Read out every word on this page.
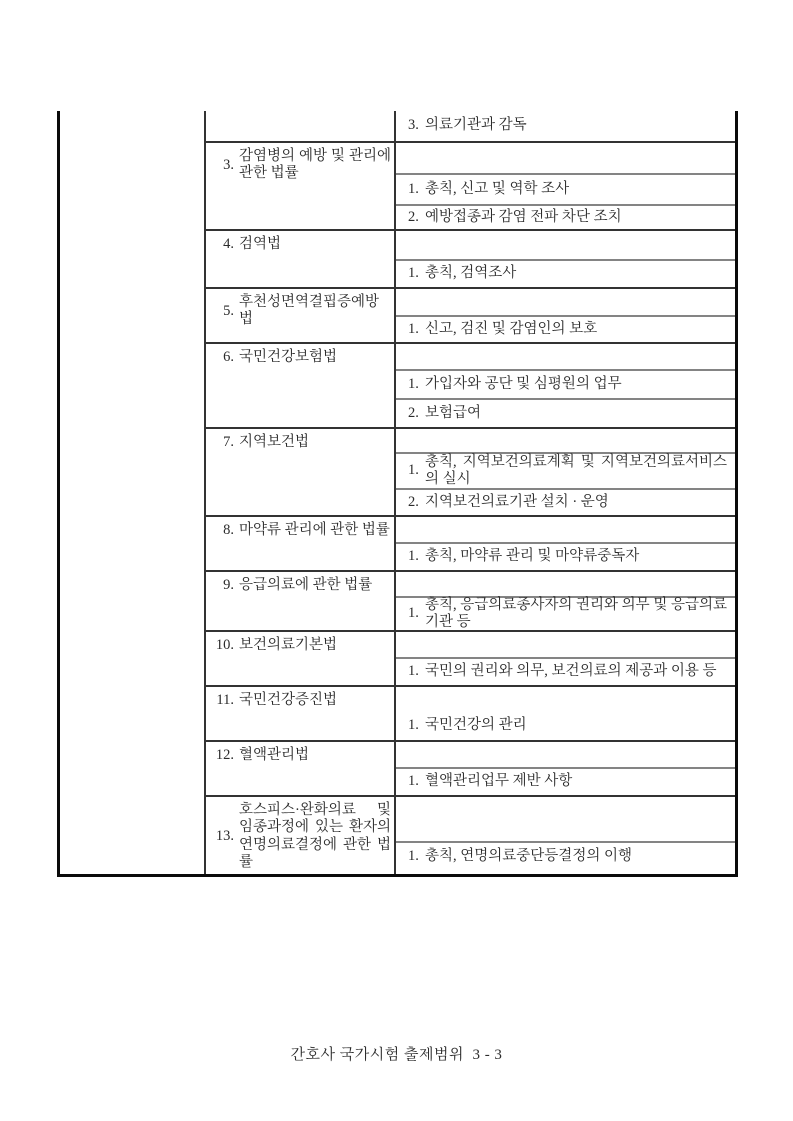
3. 의료기관과 감독
3.
감염병의 예방 및 관리에 관한 법률
1. 총칙, 신고 및 역학 조사
2. 예방접종과 감염 전파 차단 조치
4. 검역법
1. 총칙, 검역조사
5.
후천성면역결핍증예방법
1. 신고, 검진 및 감염인의 보호
6. 국민건강보험법
1. 가입자와 공단 및 심평원의 업무
2. 보험급여
7. 지역보건법
1.
총칙, 지역보건의료계획 및 지역보건의료서비스의 실시
2. 지역보건의료기관 설치 · 운영
8. 마약류 관리에 관한 법률
1. 총칙, 마약류 관리 및 마약류중독자
9. 응급의료에 관한 법률
1.
총칙, 응급의료종사자의 권리와 의무 및 응급의료기관 등
10. 보건의료기본법
1. 국민의 권리와 의무, 보건의료의 제공과 이용 등
11. 국민건강증진법
1. 국민건강의 관리
12. 혈액관리법
1. 혈액관리업무 제반 사항
13.
호스피스·완화의료 및 임종과정에 있는 환자의 연명의료결정에 관한 법률	1. 총칙, 연명의료중단등결정의 이행
간호사 국가시험 출제범위  3 - 3
